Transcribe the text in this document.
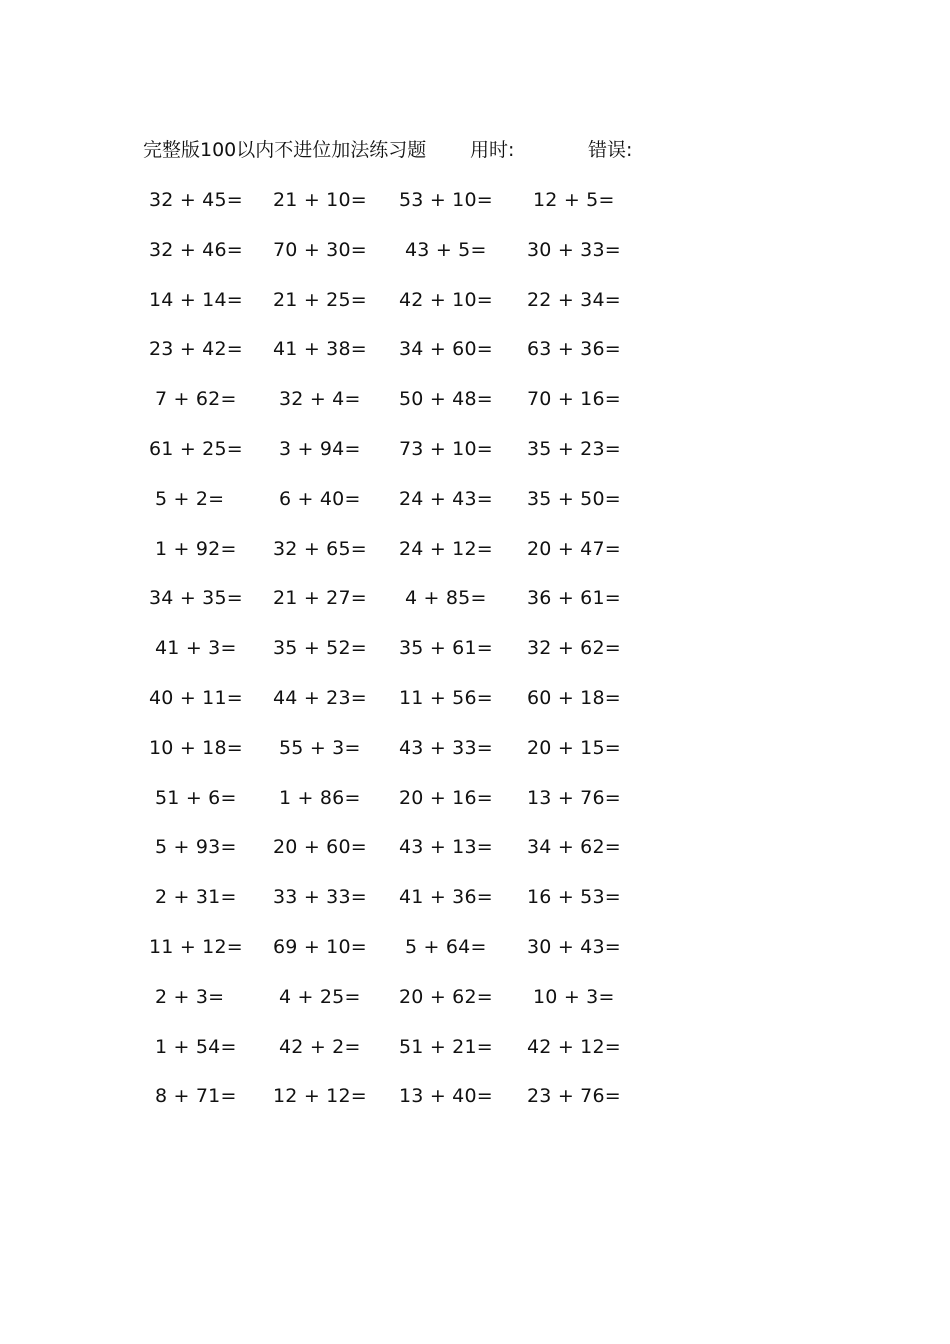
完整版100以内不进位加法练习题 用时:	错误:
32 + 45= 21 + 10= 53 + 10= 12 + 5=
32 + 46= 70 + 30= 43 + 5= 30 + 33=
14 + 14= 21 + 25= 42 + 10= 22 + 34=
23 + 42= 41 + 38= 34 + 60= 63 + 36=
7 + 62= 32 + 4= 50 + 48= 70 + 16=
61 + 25= 3 + 94= 73 + 10= 35 + 23=
5 + 2=	6 + 40= 24 + 43= 35 + 50=
1 + 92= 32 + 65= 24 + 12= 20 + 47=
34 + 35= 21 + 27= 4 + 85= 36 + 61=
41 + 3= 35 + 52= 35 + 61= 32 + 62=
40 + 11= 44 + 23= 11 + 56= 60 + 18=
10 + 18= 55 + 3= 43 + 33= 20 + 15=
51 + 6= 1 + 86= 20 + 16= 13 + 76=
5 + 93= 20 + 60= 43 + 13= 34 + 62=
2 + 31= 33 + 33= 41 + 36= 16 + 53=
11 + 12= 69 + 10= 5 + 64= 30 + 43=
2 + 3=	4 + 25= 20 + 62= 10 + 3=
1 + 54= 42 + 2= 51 + 21= 42 + 12=
8 + 71= 12 + 12= 13 + 40= 23 + 76=
